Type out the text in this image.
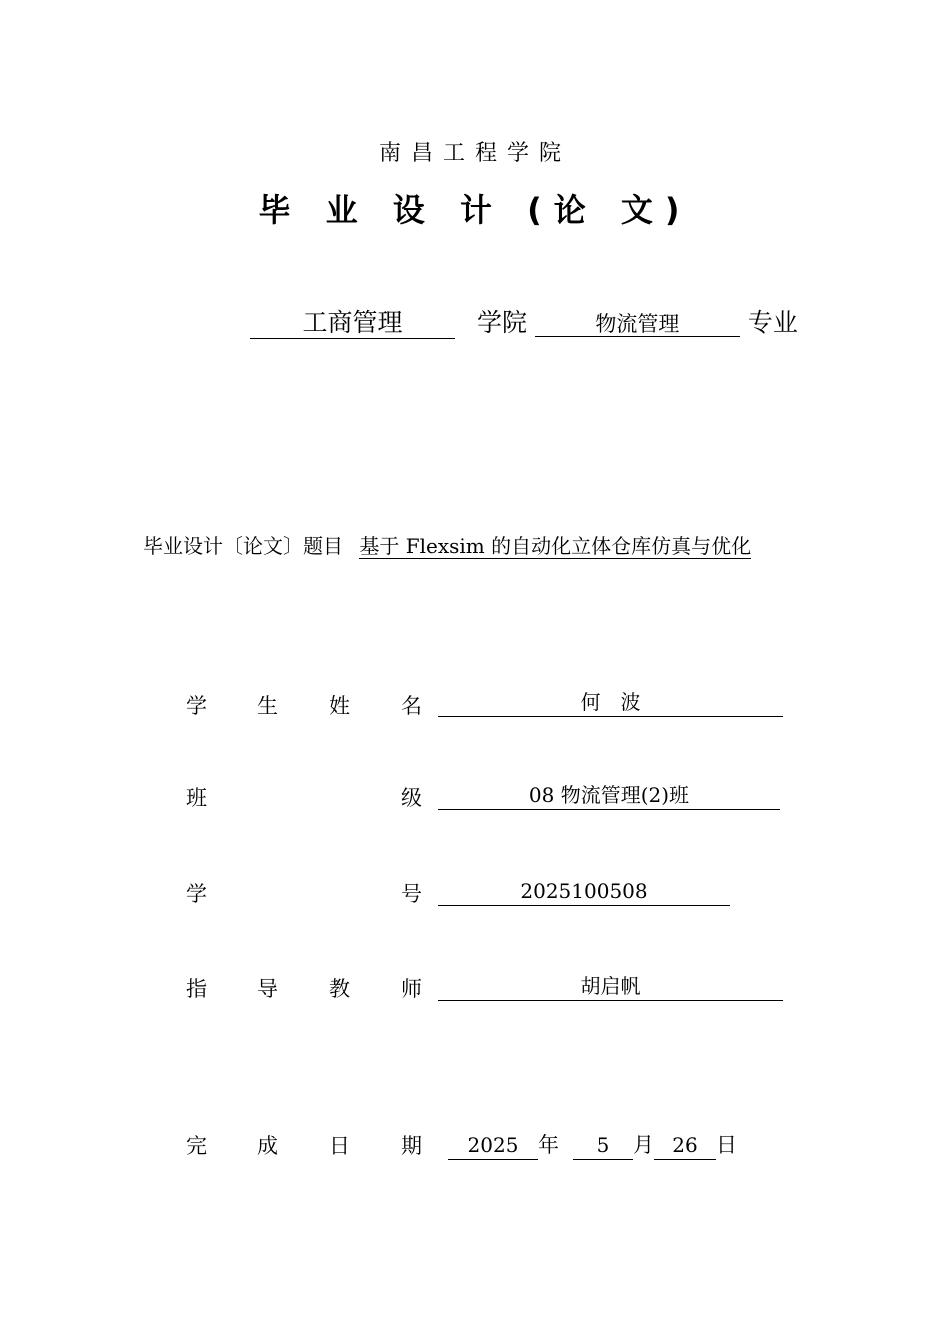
南昌工程学院
毕 业 设 计 (论 文)
工商管理	学院	物流管理	专业
毕业设计〔论文〕题目 基于 Flexsim 的自动化立体仓库仿真与优化
学 生 姓 名	何　波
班	级	08 物流管理(2)班
学	号	2025100508
指 导 教 师	胡启帆
完 成 日 期	2025 年 5 月 26 日
